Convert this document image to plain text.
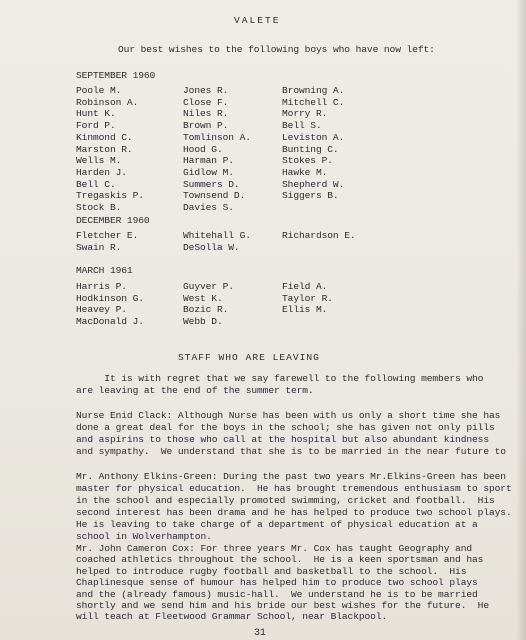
VALETE
Our best wishes to the following boys who have now left:
SEPTEMBER 1960
Poole M.
Robinson A.
Hunt K.
Ford P.
Kinmond C.
Marston R.
Wells M.
Harden J.
Bell C.
Tregaskis P.
Stock B.
Jones R.
Close F.
Niles R.
Brown P.
Tomlinson A.
Hood G.
Harman P.
Gidlow M.
Summers D.
Townsend D.
Davies S.
Browning A.
Mitchell C.
Morry R.
Bell S.
Leviston A.
Bunting C.
Stokes P.
Hawke M.
Shepherd W.
Siggers B.
DECEMBER 1960
Fletcher E.
Swain R.
Whitehall G.
DeSolla W.
Richardson E.
MARCH 1961
Harris P.
Hodkinson G.
Heavey P.
MacDonald J.
Guyver P.
West K.
Bozic R.
Webb D.
Field A.
Taylor R.
Ellis M.
STAFF WHO ARE LEAVING
It is with regret that we say farewell to the following members who
are leaving at the end of the summer term.
Nurse Enid Clack: Although Nurse has been with us only a short time she has
done a great deal for the boys in the school; she has given not only pills
and aspirins to those who call at the hospital but also abundant kindness
and sympathy.  We understand that she is to be married in the near future to
Mr. Anthony Elkins-Green: During the past two years Mr.Elkins-Green has been
master for physical education.  He has brought tremendous enthusiasm to sport
in the school and especially promoted swimming, cricket and football.  His
second interest has been drama and he has helped to produce two school plays.
He is leaving to take charge of a department of physical education at a
school in Wolverhampton.
Mr. John Cameron Cox: For three years Mr. Cox has taught Geography and
coached athletics throughout the school.  He is a keen sportsman and has
helped to introduce rugby football and basketball to the school.  His
Chaplinesque sense of humour has helped him to produce two school plays
and the (already famous) music-hall.  We understand he is to be married
shortly and we send him and his bride our best wishes for the future.  He
will teach at Fleetwood Grammar School, near Blackpool.
31
